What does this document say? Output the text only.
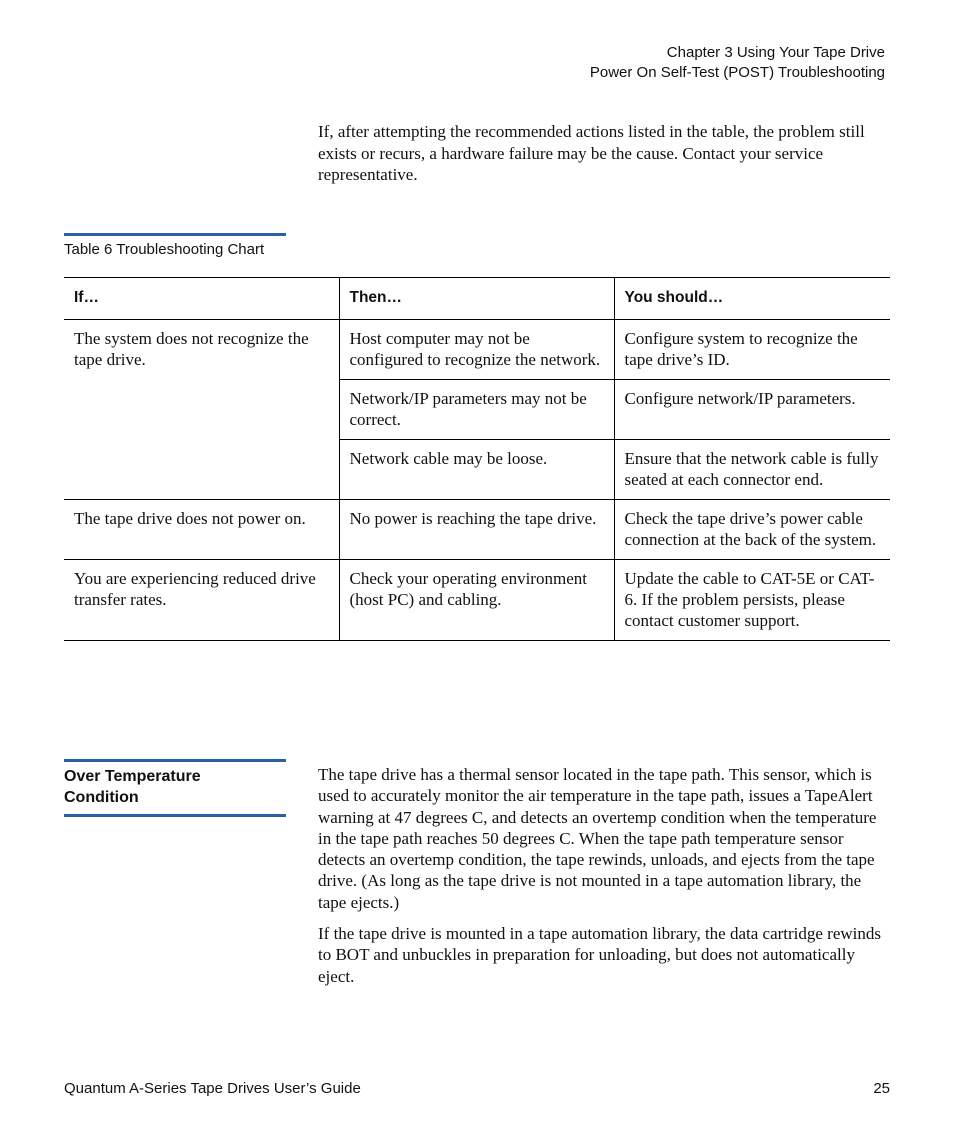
Chapter 3 Using Your Tape Drive
Power On Self-Test (POST) Troubleshooting

If, after attempting the recommended actions listed in the table, the problem still exists or recurs, a hardware failure may be the cause. Contact your service representative.

Table 6 Troubleshooting Chart
If…	Then…	You should…
The system does not recognize the tape drive.	Host computer may not be configured to recognize the network.	Configure system to recognize the tape drive’s ID.
	Network/IP parameters may not be correct.	Configure network/IP parameters.
	Network cable may be loose.	Ensure that the network cable is fully seated at each connector end.
The tape drive does not power on.	No power is reaching the tape drive.	Check the tape drive’s power cable connection at the back of the system.
You are experiencing reduced drive transfer rates.	Check your operating environment (host PC) and cabling.	Update the cable to CAT-5E or CAT-6. If the problem persists, please contact customer support.
Over Temperature
Condition

The tape drive has a thermal sensor located in the tape path. This sensor, which is used to accurately monitor the air temperature in the tape path, issues a TapeAlert warning at 47 degrees C, and detects an overtemp condition when the temperature in the tape path reaches 50 degrees C. When the tape path temperature sensor detects an overtemp condition, the tape rewinds, unloads, and ejects from the tape drive. (As long as the tape drive is not mounted in a tape automation library, the tape ejects.)

If the tape drive is mounted in a tape automation library, the data cartridge rewinds to BOT and unbuckles in preparation for unloading, but does not automatically eject.

Quantum A-Series Tape Drives User’s Guide	25
